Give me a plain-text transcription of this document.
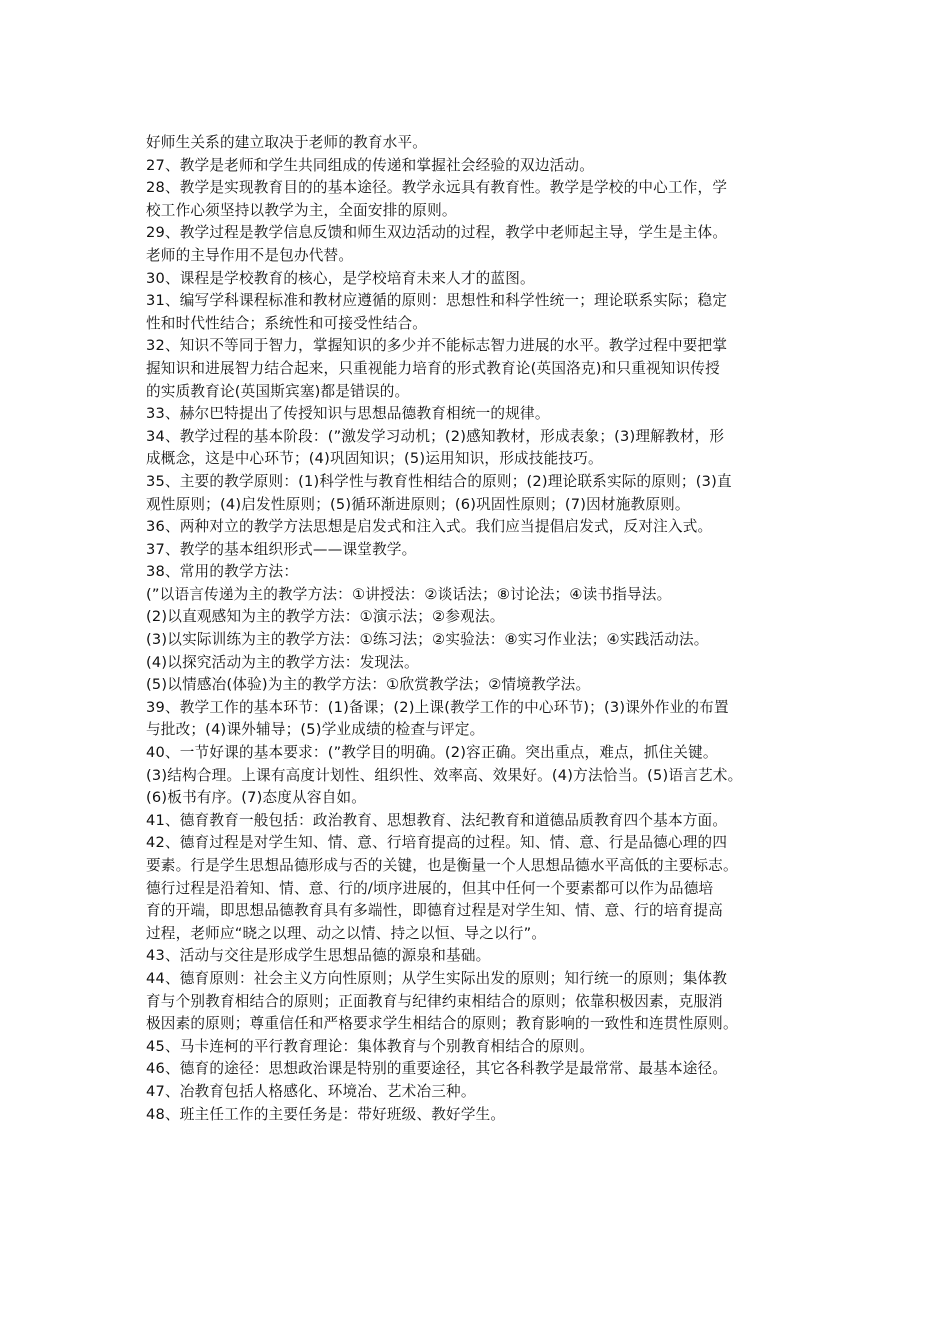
好师生关系的建立取决于老师的教育水平。
27、教学是老师和学生共同组成的传递和掌握社会经验的双边活动。
28、教学是实现教育目的的基本途径。教学永远具有教育性。教学是学校的中心工作，学
校工作心须坚持以教学为主，全面安排的原则。
29、教学过程是教学信息反馈和师生双边活动的过程，教学中老师起主导，学生是主体。
老师的主导作用不是包办代替。
30、课程是学校教育的核心，是学校培育未来人才的蓝图。
31、编写学科课程标准和教材应遵循的原则：思想性和科学性统一；理论联系实际；稳定
性和时代性结合；系统性和可接受性结合。
32、知识不等同于智力，掌握知识的多少并不能标志智力进展的水平。教学过程中要把掌
握知识和进展智力结合起来，只重视能力培育的形式教育论(英国洛克)和只重视知识传授
的实质教育论(英国斯宾塞)都是错误的。
33、赫尔巴特提出了传授知识与思想品德教育相统一的规律。
34、教学过程的基本阶段：(”激发学习动机；(2)感知教材，形成表象；(3)理解教材，形
成概念，这是中心环节；(4)巩固知识；(5)运用知识，形成技能技巧。
35、主要的教学原则：(1)科学性与教育性相结合的原则；(2)理论联系实际的原则；(3)直
观性原则；(4)启发性原则；(5)循环渐进原则；(6)巩固性原则；(7)因材施教原则。
36、两种对立的教学方法思想是启发式和注入式。我们应当提倡启发式，反对注入式。
37、教学的基本组织形式——课堂教学。
38、常用的教学方法：
(”以语言传递为主的教学方法：①讲授法：②谈话法；⑧讨论法；④读书指导法。
(2)以直观感知为主的教学方法：①演示法；②参观法。
(3)以实际训练为主的教学方法：①练习法；②实验法：⑧实习作业法；④实践活动法。
(4)以探究活动为主的教学方法：发现法。
(5)以情感冶(体验)为主的教学方法：①欣赏教学法；②情境教学法。
39、教学工作的基本环节：(1)备课；(2)上课(教学工作的中心环节)；(3)课外作业的布置
与批改；(4)课外辅导；(5)学业成绩的检查与评定。
40、一节好课的基本要求：(”教学目的明确。(2)容正确。突出重点，难点，抓住关键。
(3)结构合理。上课有高度计划性、组织性、效率高、效果好。(4)方法恰当。(5)语言艺术。
(6)板书有序。(7)态度从容自如。
41、德育教育一般包括：政治教育、思想教育、法纪教育和道德品质教育四个基本方面。
42、德育过程是对学生知、情、意、行培育提高的过程。知、情、意、行是品德心理的四
要素。行是学生思想品德形成与否的关键，也是衡量一个人思想品德水平高低的主要标志。
德行过程是沿着知、情、意、行的/顷序进展的，但其中任何一个要素都可以作为品德培
育的开端，即思想品德教育具有多端性，即德育过程是对学生知、情、意、行的培育提高
过程，老师应“晓之以理、动之以情、持之以恒、导之以行”。
43、活动与交往是形成学生思想品德的源泉和基础。
44、德育原则：社会主义方向性原则；从学生实际出发的原则；知行统一的原则；集体教
育与个别教育相结合的原则；正面教育与纪律约束相结合的原则；依靠积极因素，克服消
极因素的原则；尊重信任和严格要求学生相结合的原则；教育影响的一致性和连贯性原则。
45、马卡连柯的平行教育理论：集体教育与个别教育相结合的原则。
46、德育的途径：思想政治课是特别的重要途径，其它各科教学是最常常、最基本途径。
47、冶教育包括人格感化、环境冶、艺术冶三种。
48、班主任工作的主要任务是：带好班级、教好学生。
